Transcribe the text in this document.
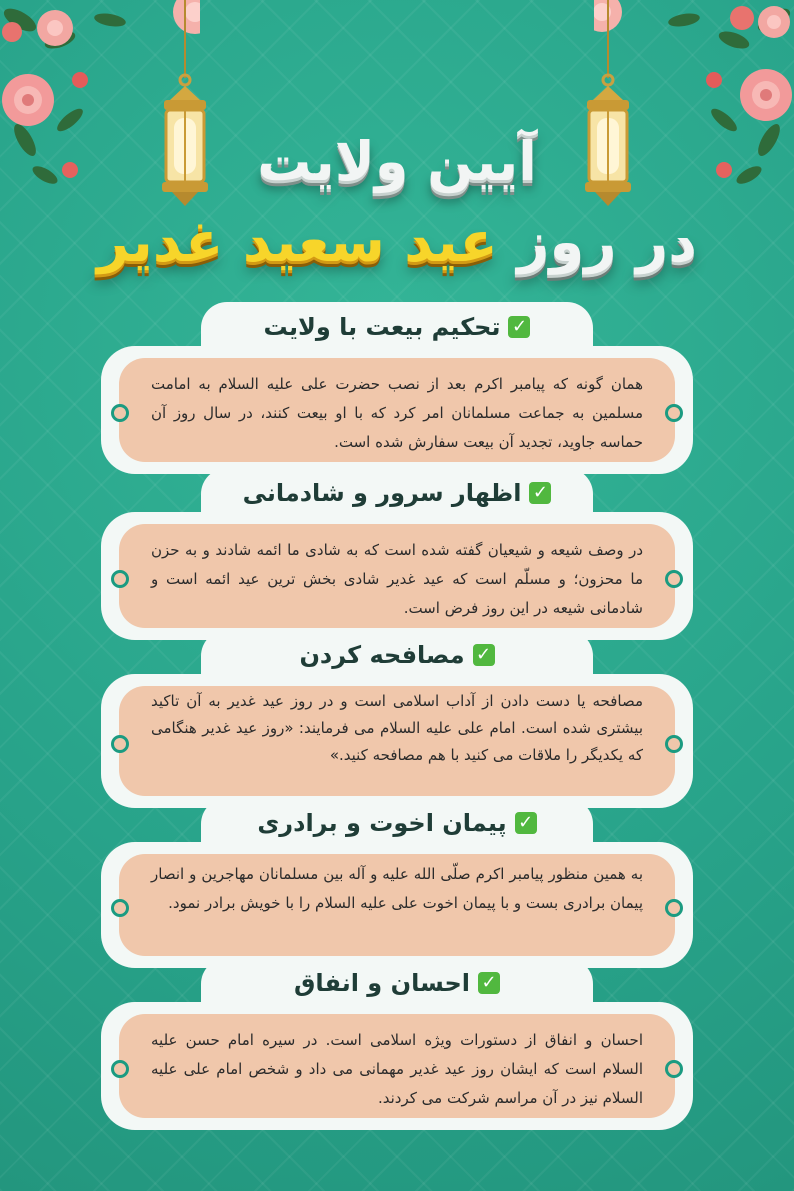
آیین ولایت
در روز عید سعید غدیر
✓
تحکیم بیعت با ولایت
همان گونه که پیامبر اکرم بعد از نصب حضرت علی علیه السلام به امامت مسلمین به جماعت مسلمانان امر کرد که با او بیعت کنند، در سال روز آن حماسه جاوید، تجدید آن بیعت سفارش شده است.
✓
اظهار سرور و شادمانی
در وصف شیعه و شیعیان گفته شده است که به شادی ما ائمه شادند و به حزن ما محزون؛ و مسلّم است که عید غدیر شادی بخش ترین عید ائمه است و شادمانی شیعه در این روز فرض است.
✓
مصافحه کردن
مصافحه یا دست دادن از آداب اسلامی است و در روز عید غدیر به آن تاکید بیشتری شده است. امام علی علیه السلام می فرمایند: «روز عید غدیر هنگامی که یکدیگر را ملاقات می کنید با هم مصافحه کنید.»
✓
پیمان اخوت و برادری
به همین منظور پیامبر اکرم صلّی الله علیه و آله بین مسلمانان مهاجرین و انصار پیمان برادری بست و با پیمان اخوت علی علیه السلام را با خویش برادر نمود.
✓
احسان و انفاق
احسان و انفاق از دستورات ویژه اسلامی است. در سیره امام حسن علیه السلام است که ایشان روز عید غدیر مهمانی می داد و شخص امام علی علیه السلام نیز در آن مراسم شرکت می کردند.
